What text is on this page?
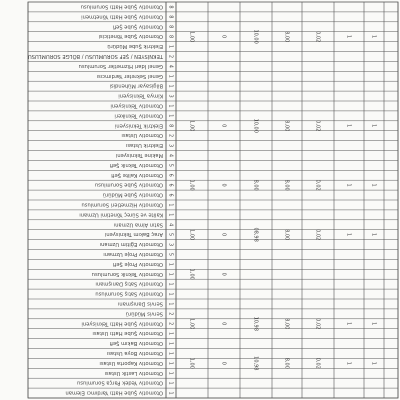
Otomotiv Şube Hattı Sorumlusu 8
Otomotiv Şube Hattı Yönetmeni 8
Otomotiv Şube Şefi 8
Otomotiv Şube Yöneticisi 8	1,00	0	10,00	8,00	0,02	1	1
Elektrik Şube Müdürü 1
TEKNİSYEN / ŞEF SORUMLUSU / BÖLGE SORUMLUSU 2
Genel İdari Hizmetler Sorumlusu 4
Genel Sekreter Yardımcısı 1
Bilgisayar Mühendisi 1
Kimya Teknisyeni 3
Otomotiv Teknisyeni 1
Otomotiv Teknikeri 1
Elektrik Teknisyeni 8	1,00	0	10,00	8,00	0,02	1	1
Otomotiv Ustası 2
Elektrik Ustası 3
Makine Teknisyeni 4
Otomotiv Teknik Şefi 5
Otomotiv Kalite Şefi 6
Otomotiv Şube Sorumlusu 6	1,00	0	8,00	8,00	0,02	1	1
Otomotiv Şube Müdürü 6
Otomotiv Hizmetleri Sorumlusu 1
Kalite ve Süreç Yönetimi Uzmanı 1
Satın Alma Uzmanı 4
Araç Bakım Teknisyeni 5	1,00	0	08,98	8,00	0,02	1	1
Otomotiv Eğitim Uzmanı 3
Otomotiv Proje Uzmanı 5
Otomotiv Proje Şefi 1
Otomotiv Teknik Sorumlusu 1	1,00	0
Otomotiv Satış Danışmanı 1
Otomotiv Satış Sorumlusu 1
Servis Danışmanı 1
Servis Müdürü 2
Otomotiv Şube Hattı Teknisyeni 2	1,00	0	10,98	8,00	0,02	1	1
Otomotiv Şube Hattı Ustası 1
Otomotiv Bakım Şefi 1
Otomotiv Boya Ustası 1
Otomotiv Kaporta Ustası 1	1,00	0	10,98	8,00	0,02	1	1
Otomotiv Lastik Ustası 1
Otomotiv Yedek Parça Sorumlusu 1
Otomotiv Şube Hattı Yardımcı Eleman 1
